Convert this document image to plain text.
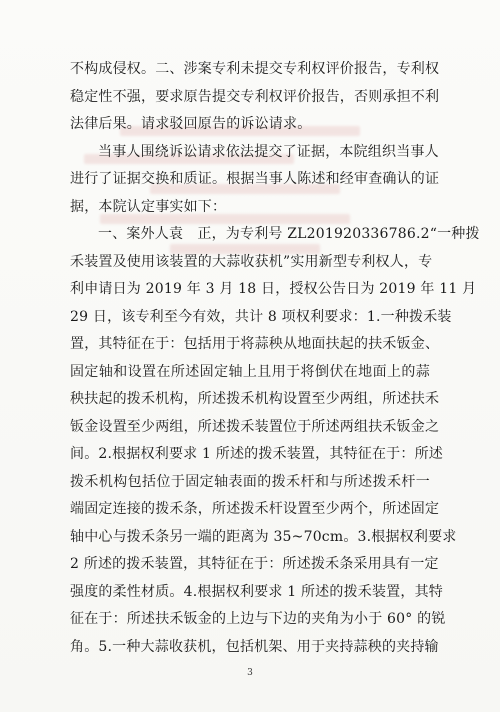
不构成侵权。二、涉案专利未提交专利权评价报告，专利权
稳定性不强，要求原告提交专利权评价报告，否则承担不利
法律后果。请求驳回原告的诉讼请求。
当事人围绕诉讼请求依法提交了证据，本院组织当事人
进行了证据交换和质证。根据当事人陈述和经审查确认的证
据，本院认定事实如下：
一、案外人袁　正，为专利号 ZL201920336786.2“一种拨
禾装置及使用该装置的大蒜收获机”实用新型专利权人，专
利申请日为 2019 年 3 月 18 日，授权公告日为 2019 年 11 月
29 日，该专利至今有效，共计 8 项权利要求：1.一种拨禾装
置，其特征在于：包括用于将蒜秧从地面扶起的扶禾钣金、
固定轴和设置在所述固定轴上且用于将倒伏在地面上的蒜
秧扶起的拨禾机构，所述拨禾机构设置至少两组，所述扶禾
钣金设置至少两组，所述拨禾装置位于所述两组扶禾钣金之
间。2.根据权利要求 1 所述的拨禾装置，其特征在于：所述
拨禾机构包括位于固定轴表面的拨禾杆和与所述拨禾杆一
端固定连接的拨禾条，所述拨禾杆设置至少两个，所述固定
轴中心与拨禾条另一端的距离为 35~70cm。3.根据权利要求
2 所述的拨禾装置，其特征在于：所述拨禾条采用具有一定
强度的柔性材质。4.根据权利要求 1 所述的拨禾装置，其特
征在于：所述扶禾钣金的上边与下边的夹角为小于 60° 的锐
角。5.一种大蒜收获机，包括机架、用于夹持蒜秧的夹持输
3
